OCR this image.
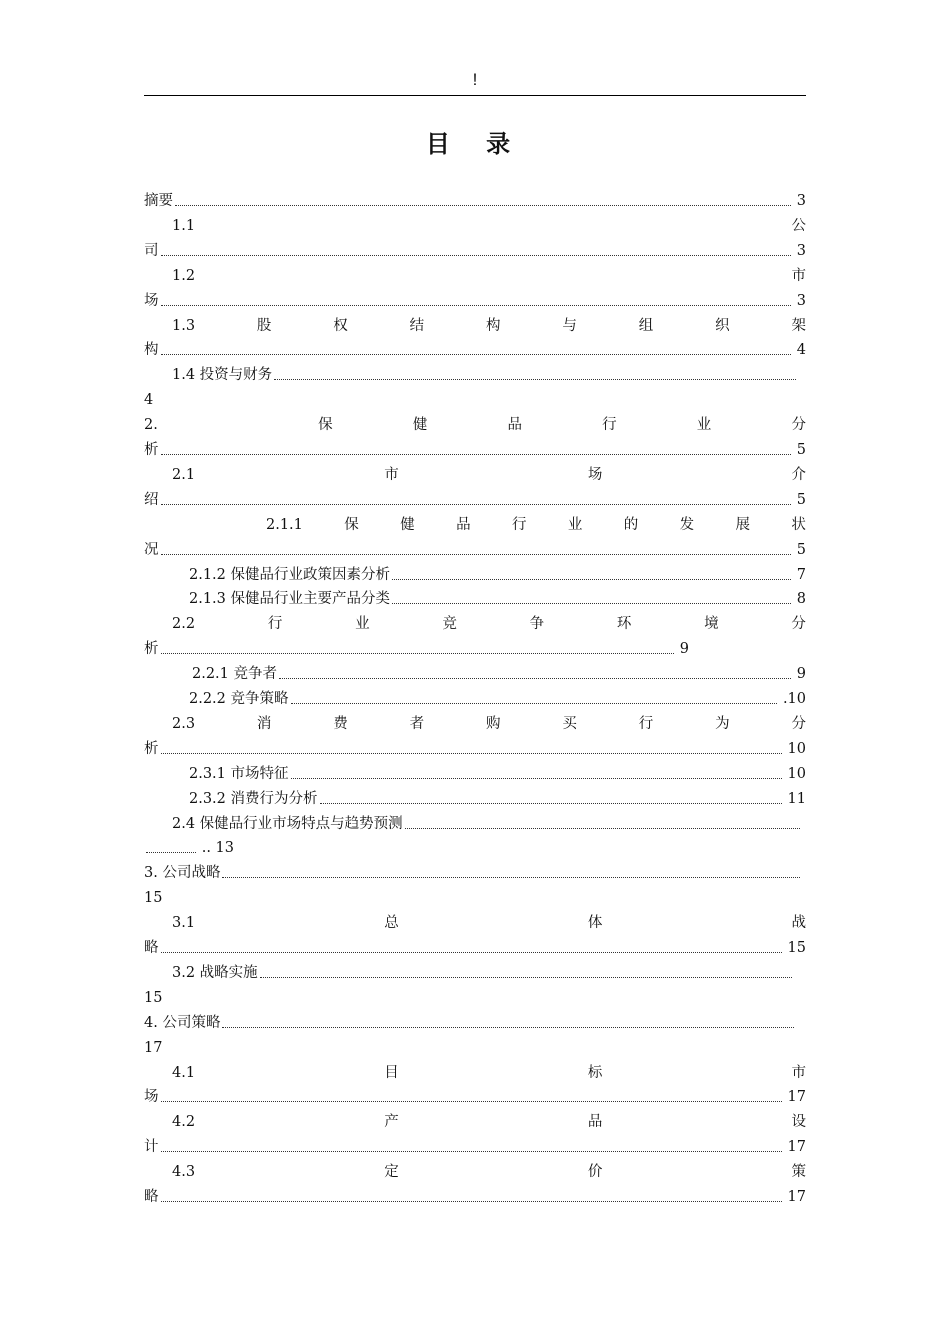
!
目 录
摘要	3
1.1	公
司	3
1.2	市
场	3
1.3	股	权	结	构	与	组	织	架
构	4
1.4 投资与财务
4
2.	保	健	品	行	业	分
析	5
2.1	市	场	介
绍	5
2.1.1	保	健	品	行	业	的	发	展	状
况	5
2.1.2 保健品行业政策因素分析	7
2.1.3 保健品行业主要产品分类	8
2.2	行	业	竞	争	环	境	分
析	9
2.2.1 竞争者	9
2.2.2 竞争策略	.10
2.3	消	费	者	购	买	行	为	分
析	10
2.3.1 市场特征	10
2.3.2 消费行为分析	11
2.4 保健品行业市场特点与趋势预测
.. 13
3. 公司战略
15
3.1	总	体	战
略	15
3.2 战略实施
15
4. 公司策略
17
4.1	目	标	市
场	17
4.2	产	品	设
计	17
4.3	定	价	策
略	17
